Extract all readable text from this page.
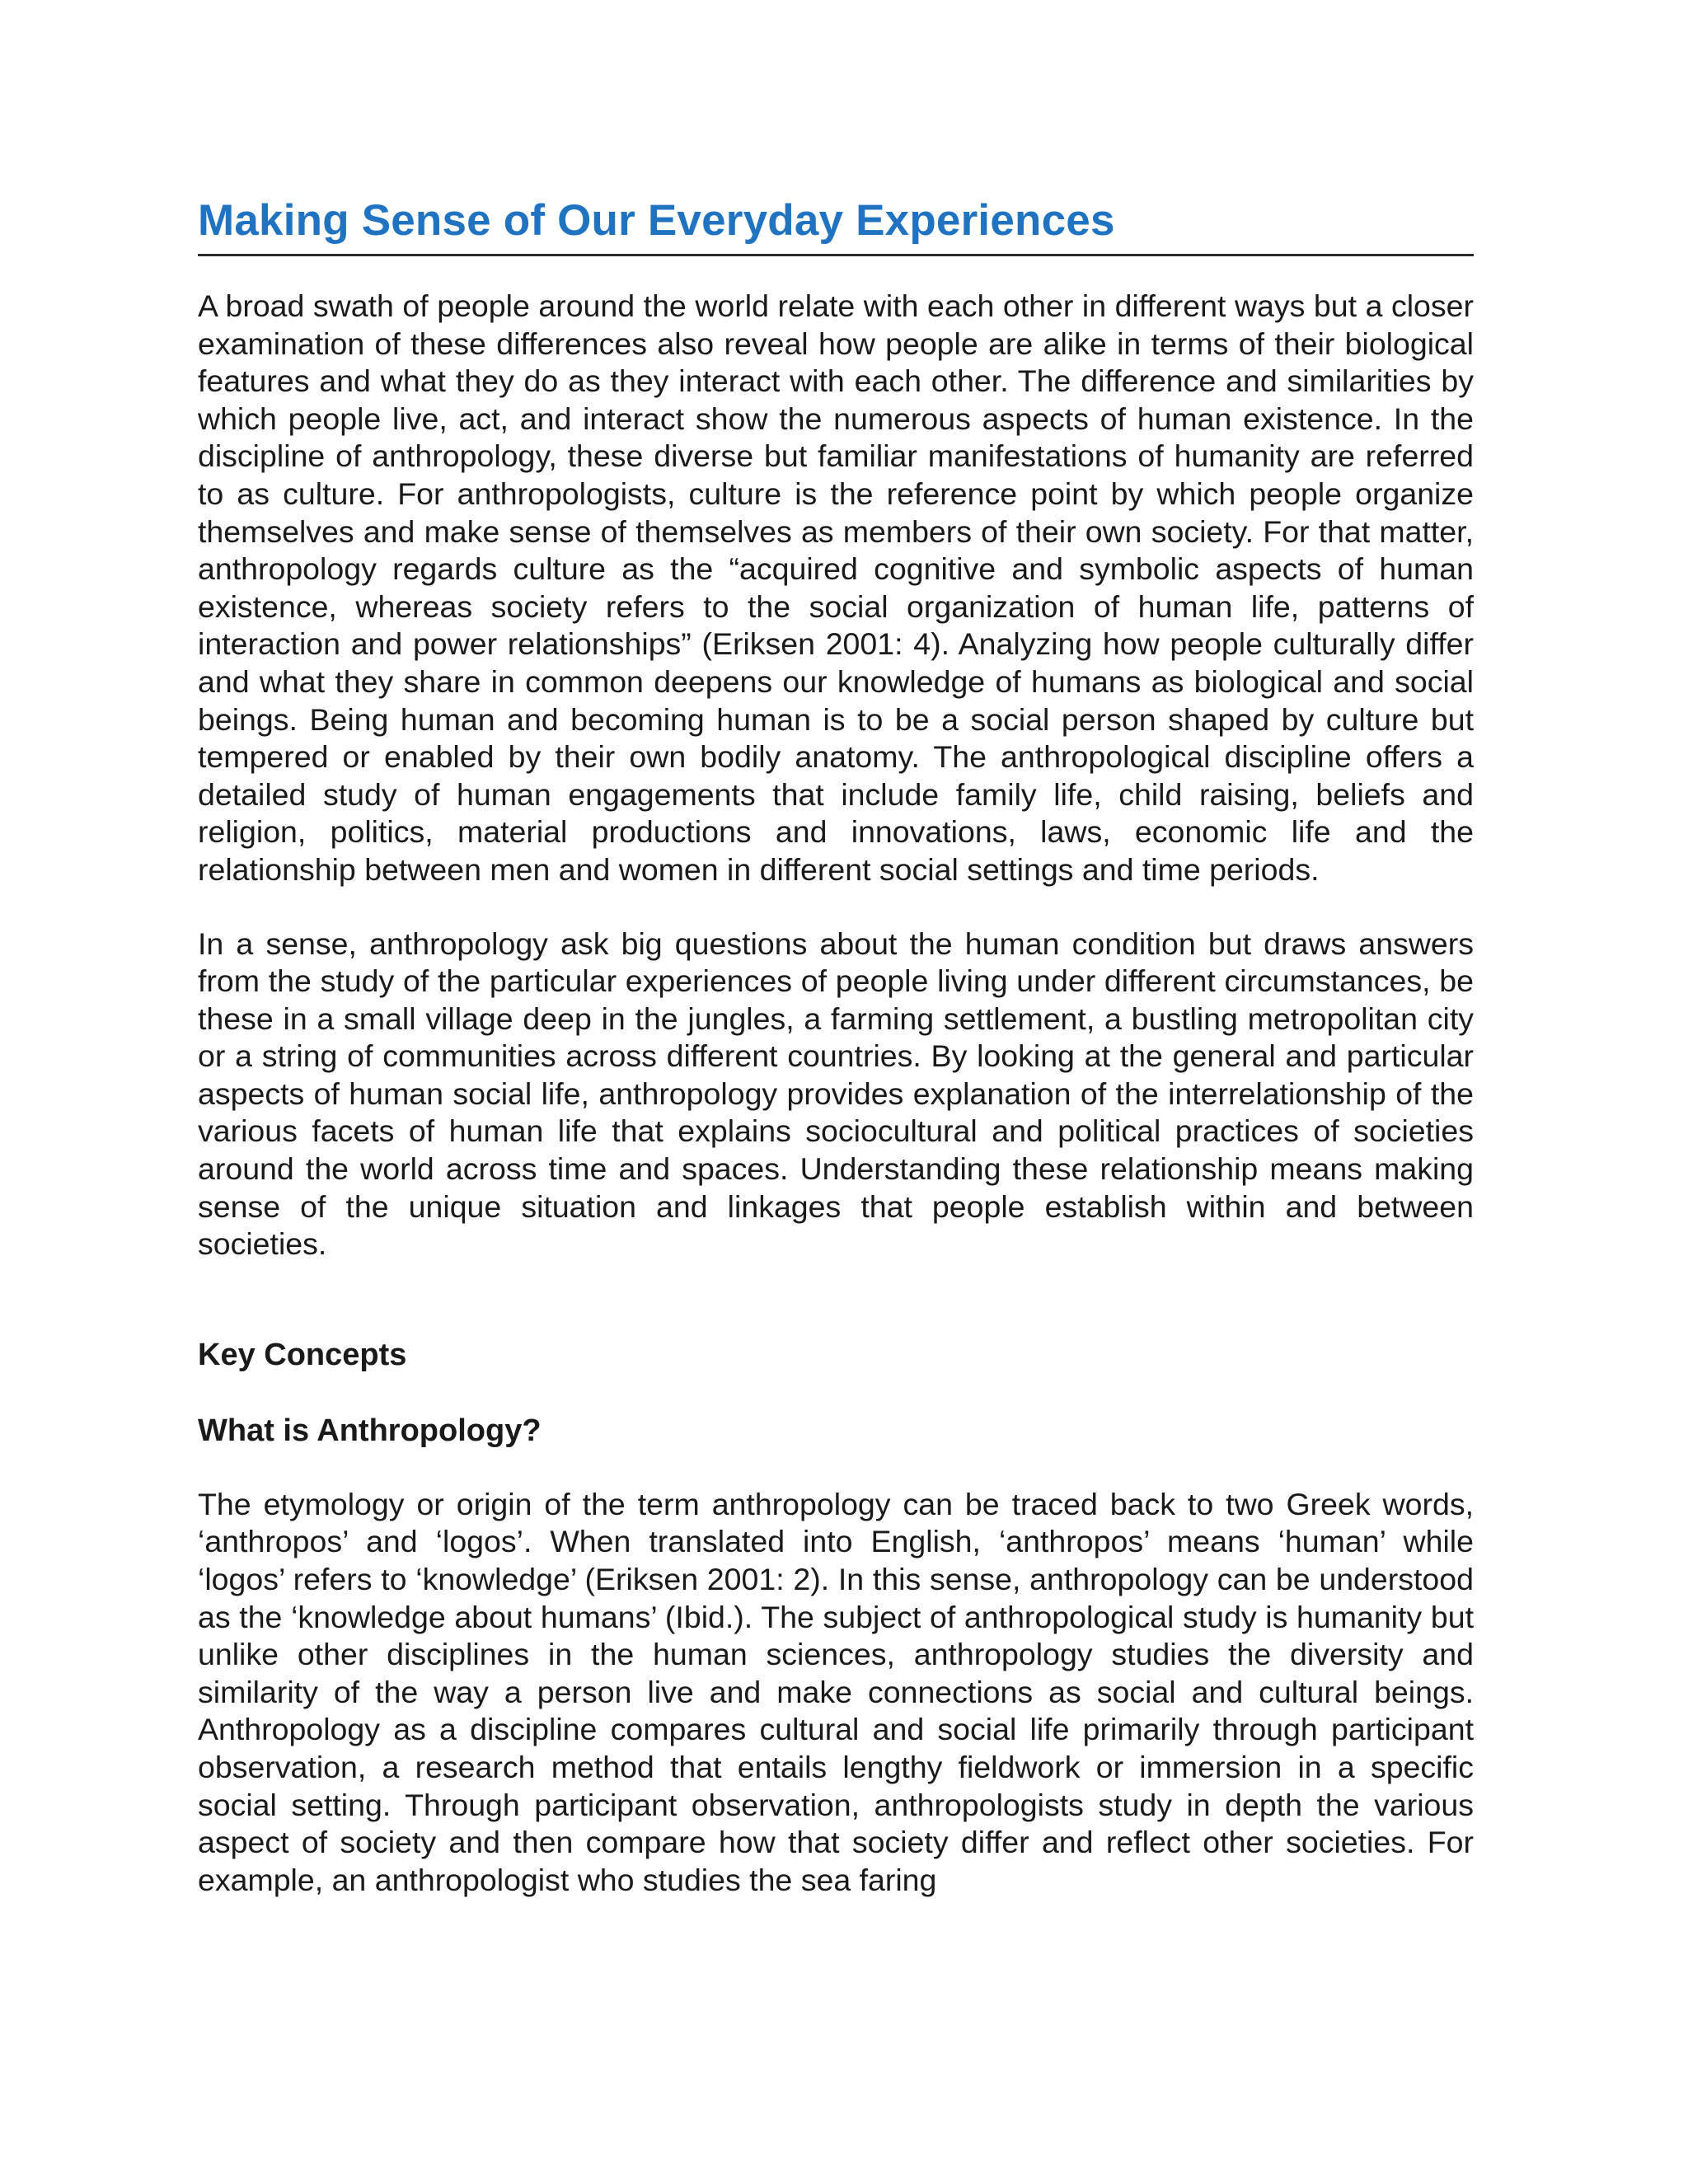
Making Sense of Our Everyday Experiences

A broad swath of people around the world relate with each other in different ways but a closer examination of these differences also reveal how people are alike in terms of their biological features and what they do as they interact with each other. The difference and similarities by which people live, act, and interact show the numerous aspects of human existence. In the discipline of anthropology, these diverse but familiar manifestations of humanity are referred to as culture. For anthropologists, culture is the reference point by which people organize themselves and make sense of themselves as members of their own society. For that matter, anthropology regards culture as the “acquired cognitive and symbolic aspects of human existence, whereas society refers to the social organization of human life, patterns of interaction and power relationships” (Eriksen 2001: 4). Analyzing how people culturally differ and what they share in common deepens our knowledge of humans as biological and social beings. Being human and becoming human is to be a social person shaped by culture but tempered or enabled by their own bodily anatomy. The anthropological discipline offers a detailed study of human engagements that include family life, child raising, beliefs and religion, politics, material productions and innovations, laws, economic life and the relationship between men and women in different social settings and time periods.

In a sense, anthropology ask big questions about the human condition but draws answers from the study of the particular experiences of people living under different circumstances, be these in a small village deep in the jungles, a farming settlement, a bustling metropolitan city or a string of communities across different countries. By looking at the general and particular aspects of human social life, anthropology provides explanation of the interrelationship of the various facets of human life that explains sociocultural and political practices of societies around the world across time and spaces. Understanding these relationship means making sense of the unique situation and linkages that people establish within and between societies.

Key Concepts
What is Anthropology?

The etymology or origin of the term anthropology can be traced back to two Greek words, ‘anthropos’ and ‘logos’. When translated into English, ‘anthropos’ means ‘human’ while ‘logos’ refers to ‘knowledge’ (Eriksen 2001: 2). In this sense, anthropology can be understood as the ‘knowledge about humans’ (Ibid.). The subject of anthropological study is humanity but unlike other disciplines in the human sciences, anthropology studies the diversity and similarity of the way a person live and make connections as social and cultural beings. Anthropology as a discipline compares cultural and social life primarily through participant observation, a research method that entails lengthy fieldwork or immersion in a specific social setting. Through participant observation, anthropologists study in depth the various aspect of society and then compare how that society differ and reflect other societies. For example, an anthropologist who studies the sea faring
